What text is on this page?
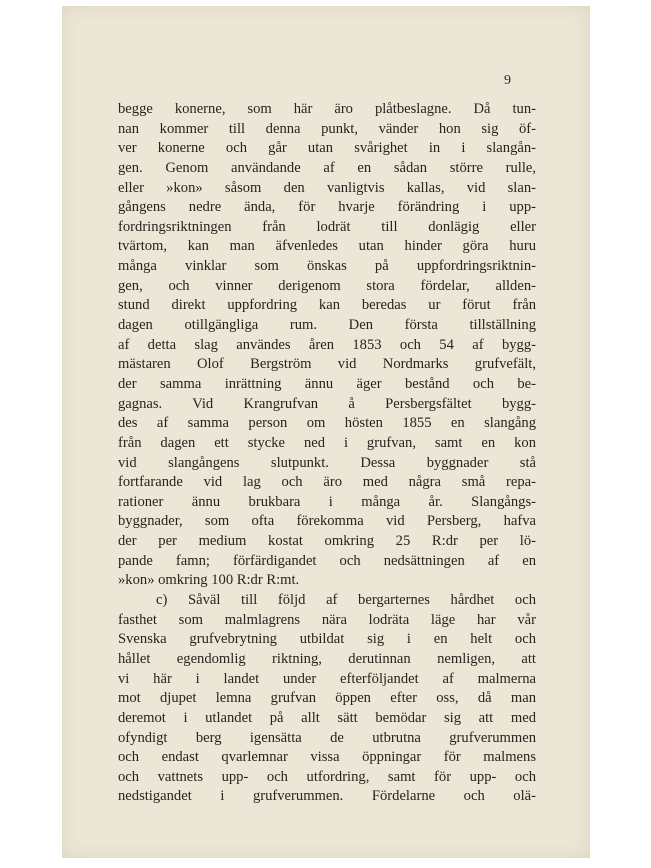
9
begge konerne, som här äro plåtbeslagne. Då tun-
nan kommer till denna punkt, vänder hon sig öf-
ver konerne och går utan svårighet in i slangån-
gen. Genom användande af en sådan större rulle,
eller »kon» såsom den vanligtvis kallas, vid slan-
gångens nedre ända, för hvarje förändring i upp-
fordringsriktningen från lodrät till donlägig eller
tvärtom, kan man äfvenledes utan hinder göra huru
många vinklar som önskas på uppfordringsriktnin-
gen, och vinner derigenom stora fördelar, allden-
stund direkt uppfordring kan beredas ur förut från
dagen otillgängliga rum. Den första tillställning
af detta slag användes åren 1853 och 54 af bygg-
mästaren Olof Bergström vid Nordmarks grufvefält,
der samma inrättning ännu äger bestånd och be-
gagnas. Vid Krangrufvan å Persbergsfältet bygg-
des af samma person om hösten 1855 en slangång
från dagen ett stycke ned i grufvan, samt en kon
vid slangångens slutpunkt. Dessa byggnader stå
fortfarande vid lag och äro med några små repa-
rationer ännu brukbara i många år. Slangångs-
byggnader, som ofta förekomma vid Persberg, hafva
der per medium kostat omkring 25 R:dr per lö-
pande famn; förfärdigandet och nedsättningen af en
»kon» omkring 100 R:dr R:mt.
c) Såväl till följd af bergarternes hårdhet och
fasthet som malmlagrens nära lodräta läge har vår
Svenska grufvebrytning utbildat sig i en helt och
hållet egendomlig riktning, derutinnan nemligen, att
vi här i landet under efterföljandet af malmerna
mot djupet lemna grufvan öppen efter oss, då man
deremot i utlandet på allt sätt bemödar sig att med
ofyndigt berg igensätta de utbrutna grufverummen
och endast qvarlemnar vissa öppningar för malmens
och vattnets upp- och utfordring, samt för upp- och
nedstigandet i grufverummen. Fördelarne och olä-
